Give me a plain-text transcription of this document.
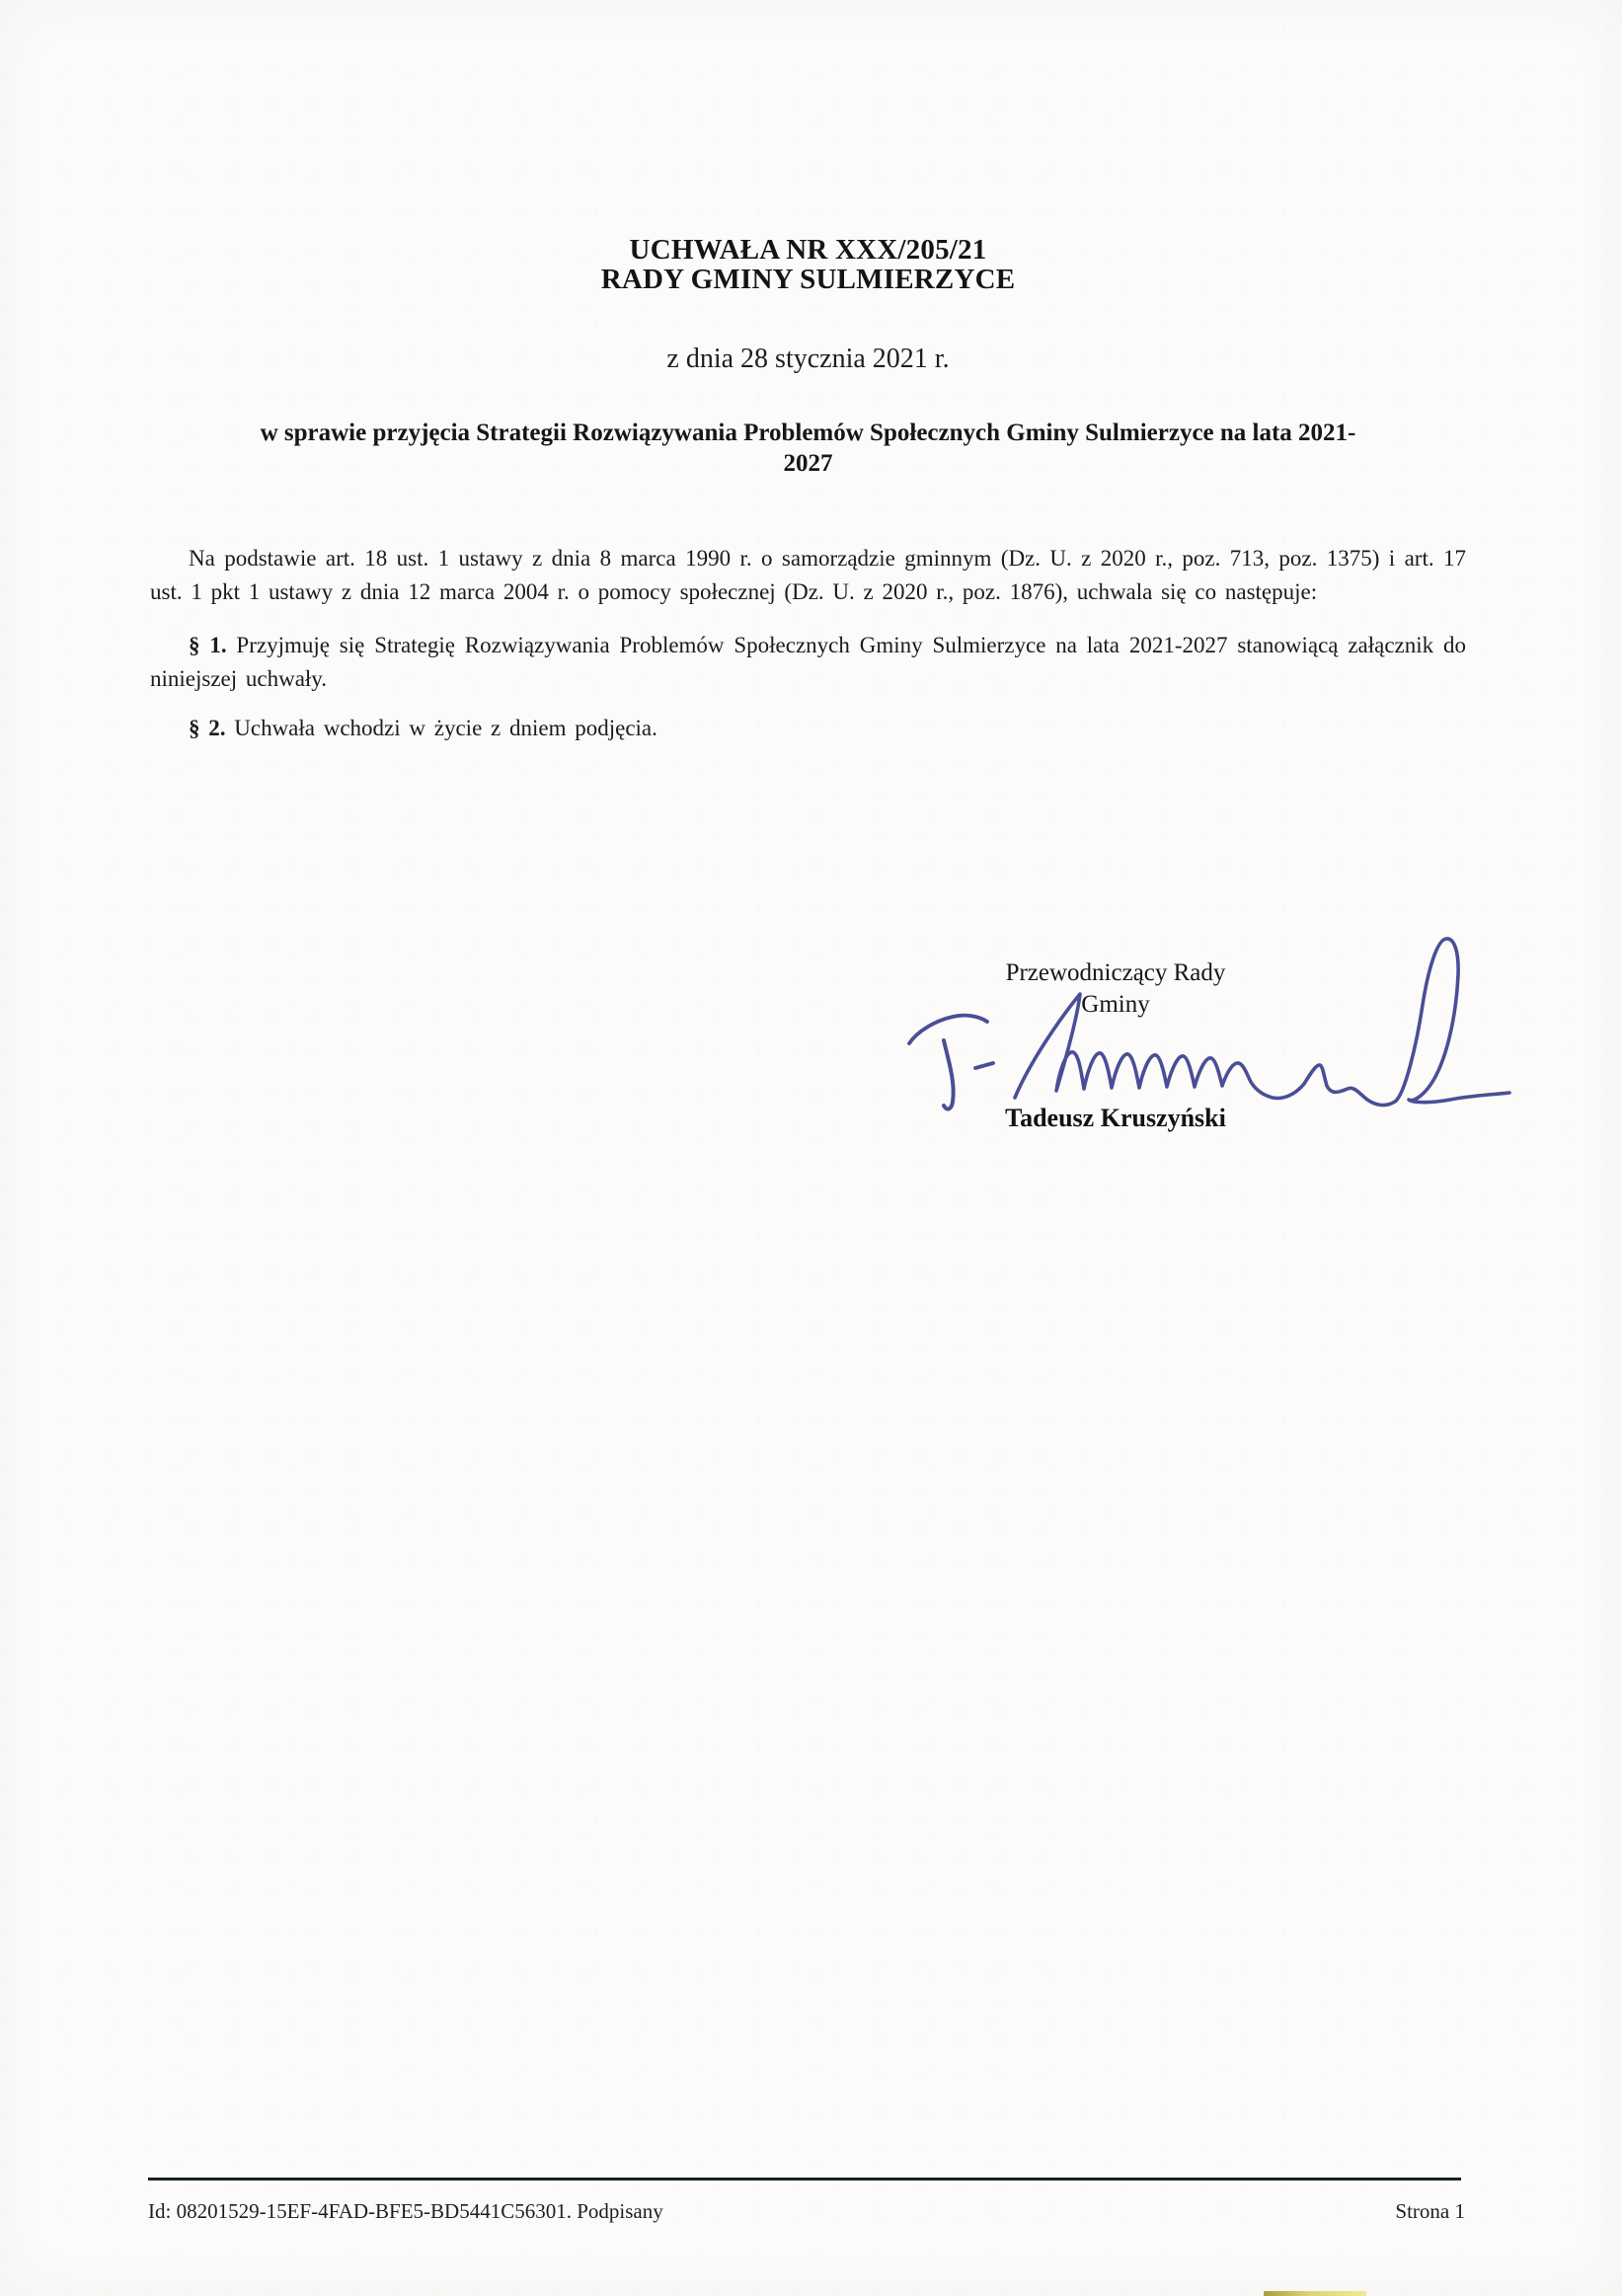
UCHWAŁA NR XXX/205/21
RADY GMINY SULMIERZYCE
z dnia 28 stycznia 2021 r.
w sprawie przyjęcia Strategii Rozwiązywania Problemów Społecznych Gminy Sulmierzyce na lata 2021-
2027

Na podstawie art. 18 ust. 1 ustawy z dnia 8 marca 1990 r. o samorządzie gminnym (Dz. U. z 2020 r., poz. 713, poz. 1375) i art. 17 ust. 1 pkt 1 ustawy z dnia 12 marca 2004 r. o pomocy społecznej (Dz. U. z 2020 r., poz. 1876), uchwala się co następuje:

§ 1. Przyjmuję się Strategię Rozwiązywania Problemów Społecznych Gminy Sulmierzyce na lata 2021-2027 stanowiącą załącznik do niniejszej uchwały.

§ 2. Uchwała wchodzi w życie z dniem podjęcia.

Przewodniczący Rady
Gminy
Tadeusz Kruszyński
Id: 08201529-15EF-4FAD-BFE5-BD5441C56301. Podpisany	Strona 1
